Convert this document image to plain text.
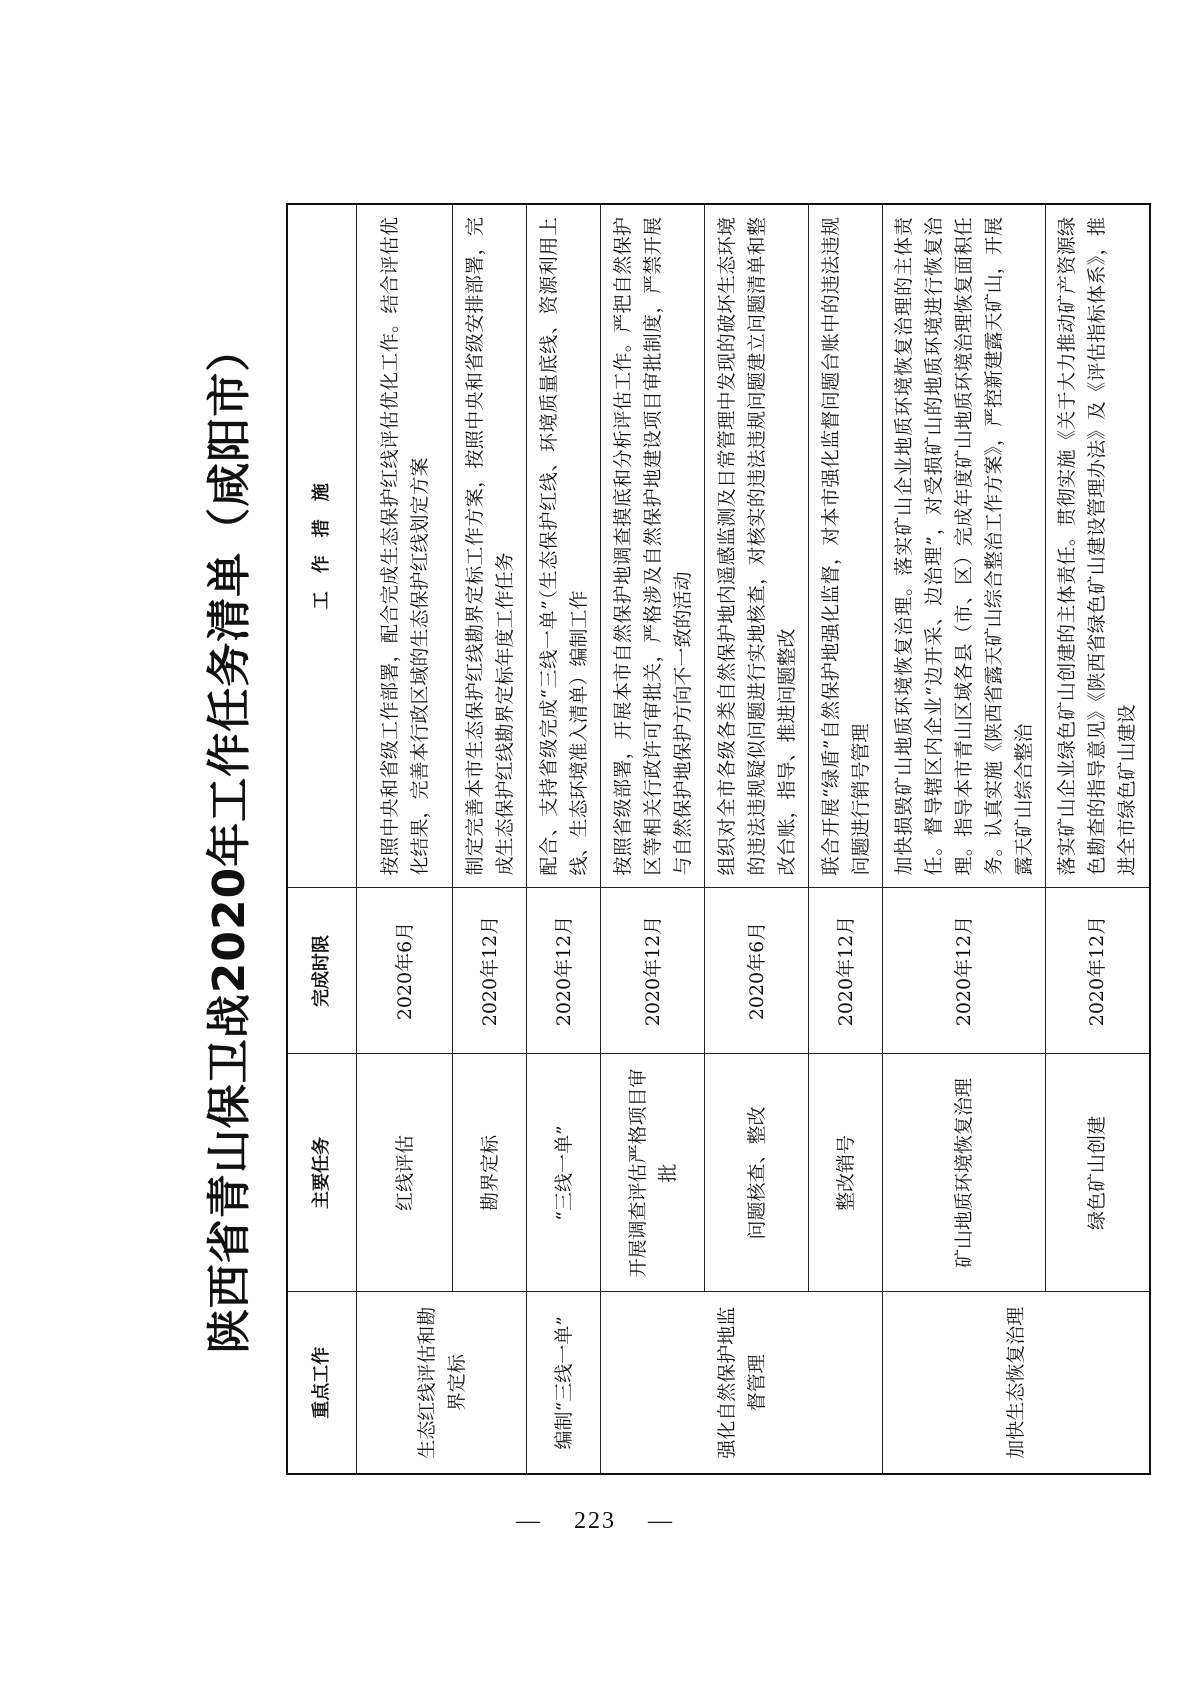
陕西省青山保卫战2020年工作任务清单（咸阳市）
重点工作	主要任务	完成时限	工　作　措　施
生态红线评估和勘界定标	红线评估	2020年6月	按照中央和省级工作部署，配合完成生态保护红线评估优化工作。结合评估优化结果，完善本行政区域的生态保护红线划定方案
	勘界定标	2020年12月	制定完善本市生态保护红线勘界定标工作方案，按照中央和省级安排部署，完成生态保护红线勘界定标年度工作任务
编制“三线一单”	“三线一单”	2020年12月	配合、支持省级完成“三线一单”（生态保护红线、环境质量底线、资源利用上线、生态环境准入清单）编制工作
强化自然保护地监督管理	开展调查评估严格项目审批	2020年12月	按照省级部署，开展本市自然保护地调查摸底和分析评估工作。严把自然保护区等相关行政许可审批关，严格涉及自然保护地建设项目审批制度，严禁开展与自然保护地保护方向不一致的活动
	问题核查、整改	2020年6月	组织对全市各级各类自然保护地内遥感监测及日常管理中发现的破坏生态环境的违法违规疑似问题进行实地核查，对核实的违法违规问题建立问题清单和整改台账，指导、推进问题整改
	整改销号	2020年12月	联合开展“绿盾”自然保护地强化监督，对本市强化监督问题台账中的违法违规问题进行销号管理
加快生态恢复治理	矿山地质环境恢复治理	2020年12月	加快损毁矿山地质环境恢复治理。落实矿山企业地质环境恢复治理的主体责任。督导辖区内企业“边开采、边治理”，对受损矿山的地质环境进行恢复治理。指导本市青山区域各县（市、区）完成年度矿山地质环境治理恢复面积任务。认真实施《陕西省露天矿山综合整治工作方案》，严控新建露天矿山，开展露天矿山综合整治
	绿色矿山创建	2020年12月	落实矿山企业绿色矿山创建的主体责任。贯彻实施《关于大力推动矿产资源绿色勘查的指导意见》《陕西省绿色矿山建设管理办法》及《评估指标体系》，推进全市绿色矿山建设
— 223 —
